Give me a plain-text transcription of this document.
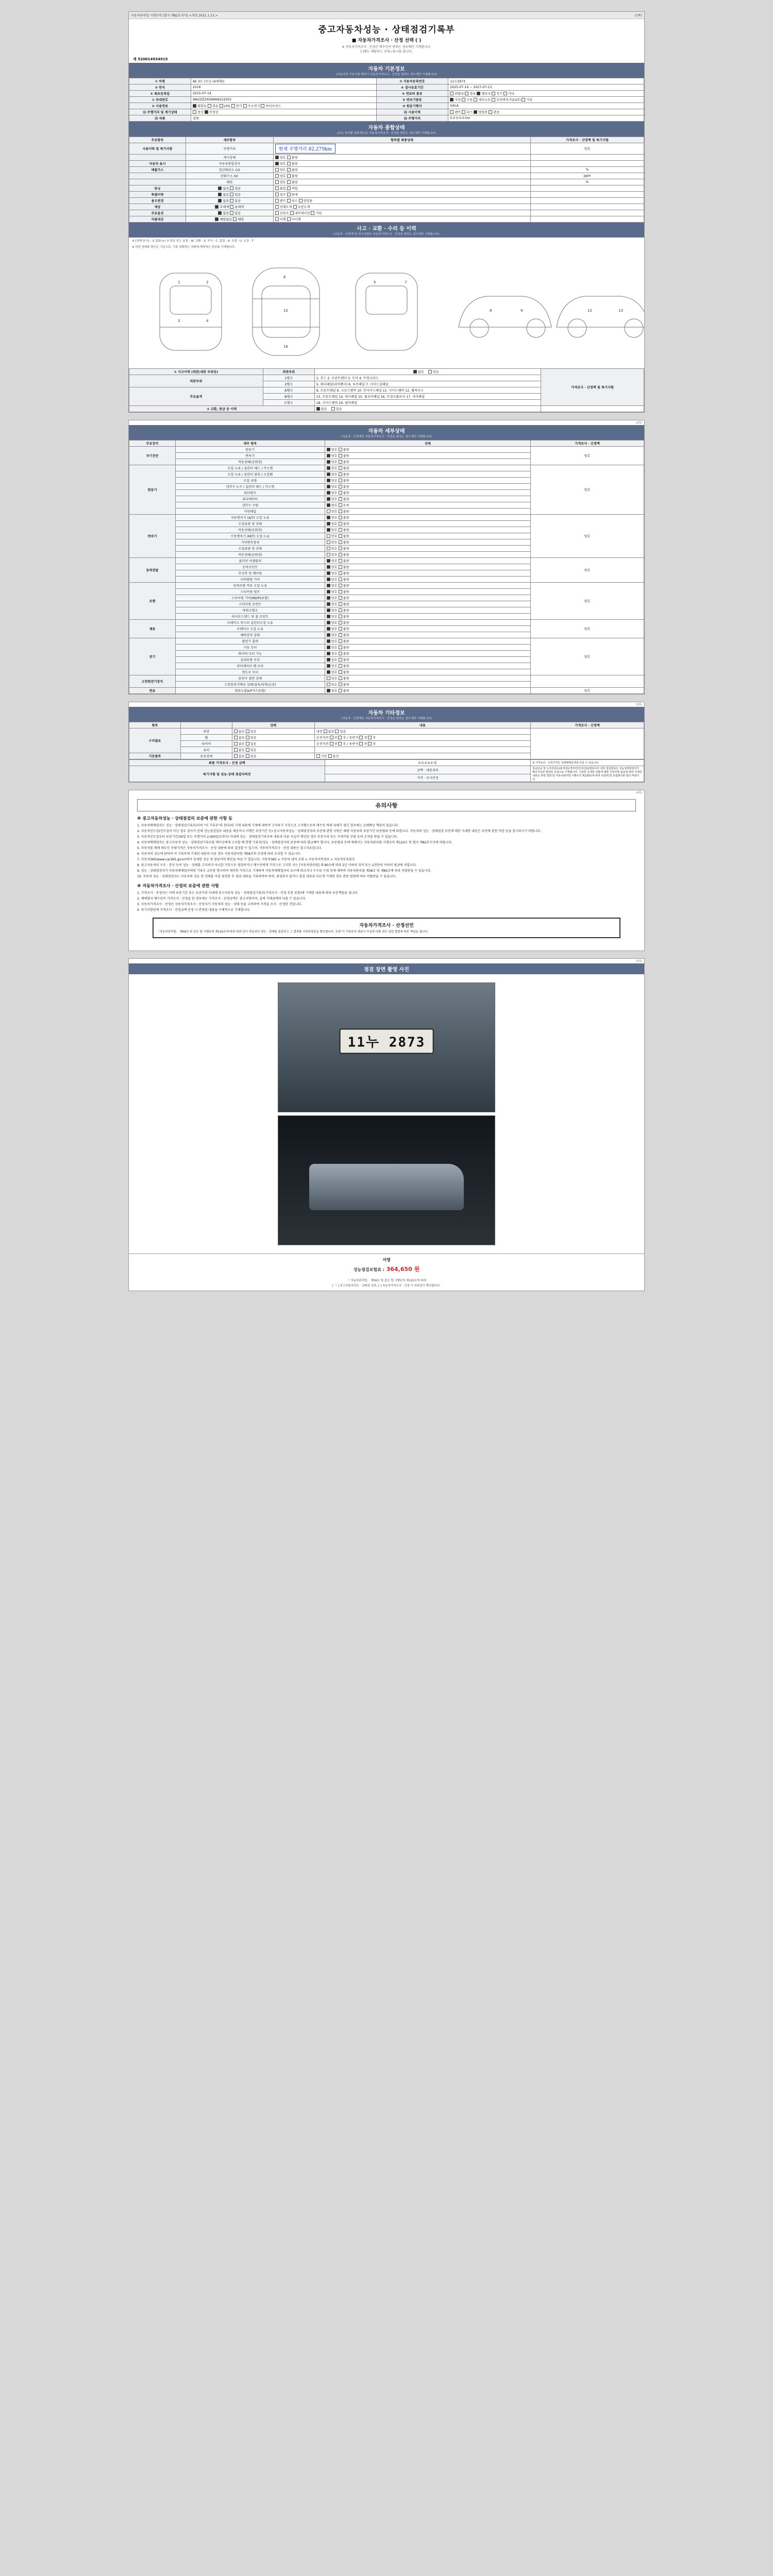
자동차관리법 시행규칙 [별지 제82호서식] <개정 2021.1.13.>	(1쪽)
중고자동차성능 · 상태점검기록부
■ 자동차가격조사 · 산정 선택 ( )
※ 자동차가격조사 · 산정은 매수인이 원하는 경우에만 기재합니다.
[ ]에는 해당되는 곳에 √표시를 합니다.
제 520014934915
자동차 기본정보
(자동차의 기본사항 확인이 자동차가격조사 · 산정을 원하는 경우에만 기재합니다)
① 차명	AE 3도 (모닝 (4세대))	② 자동차등록번호	11누2973
③ 연식	2016	④ 검사유효기간	2025-07-14 ~ 2027-07-13
⑤ 최초등록일	2015-07-14	⑥ 연료의 종류	휘발유 경유 엘피지 전기 기타
⑦ 차대번호	WA2ZZZ4GW6W222052	⑧ 변속기종류	자동 수동 세미오토 무단변속기(CVT) 기타
⑨ 사용연료	휘발유 경유 LPG 전기 수소전기 하이브리드	⑩ 원동기형식	G4LA
⑪ 주행거리 및 계기상태	정상 비정상	⑫ 사용이력	렌트 리스 영업용 관용
⑬ 차종	경형	⑭ 주행거리	0 0 0 0 0 km
자동차 종합상태
(주요 장치별 상태 확인은 자동차가격조사 · 산정을 원하는 경우에만 기재합니다)
주요항목	세부항목	항목별 최종상태	가격조사 · 산정액 및 특기사항
사용이력 및 특기사항	주행거리	현재 주행거리 82,279km	양호
	계기상태	양호 불량	
자동차 표시	자동차종합검사	양호 불량	
배출가스	일산화탄소 CO	양호 불량	%
	탄화수소 HC	양호 불량	ppm
	매연	양호 불량	%
튜닝	없음 있음	불법 적법	
특별이력	없음 있음	침수 화재	
용도변경	없음 있음	렌트 리스 영업용	
색상	무채색 유채색	전체도색 부분도색	
주요옵션	없음 있음	선루프 내비게이션 기타	
리콜대상	해당없음 해당	이행 미이행	
사고 · 교환 · 수리 등 이력
(자동차 · 산정액 및 특기사항은 자동차가격조사 · 산정을 원하는 경우에만 기재합니다)
※ [상태 표시] : ① 없음(×) ② 판금 또는 용접 : W, 교환 : X, 부식 : C, 흠집 : A, 요철 : U, 손상 : T
※ 하단 상태표 확인은 기준으로, 기록 정확하는 상태에 해당하는 번호를 기재합니다.
1	2
3	4
6
10
16
5	7
8	9	12	13
① 사고이력 (외판/내판 부위등)	외판부위	없음 있음	가격조사 · 산정액 및 특기사항
외판부위	1랭크	1. 후드 2. 프론트펜더 3. 도어 4. 트렁크리드	
	2랭크	5. 쿼터패널(리어펜더) 6. 루프패널 7. 사이드실패널	
주요골격	A랭크	8. 프론트패널 9. 크로스맴버 10. 인사이드패널 11. 사이드멤버 12. 휠하우스	
	B랭크	13. 프론트패널 14. 대시패널 15. 플로어패널 16. 트렁크플로어 17. 리어패널	
	C랭크	18. 사이드멤버 19. 필러패널	
② 교환, 판금 등 이력		없음 있음	
(2쪽)
자동차 세부상태
(자동차 · 산정액은 자동차가격조사 · 산정을 원하는 경우에만 기재합니다)
주요장치	세부 항목	상태	가격조사 · 산정액
자기진단	원동기	양호 불량	양호
	변속기	양호 불량	
	작동상태(공회전)	양호 불량	
원동기	오일 누유 / 실린더 헤드 / 가스켓	양호 불량	양호
	오일 누유 / 실린더 블록 / 오일팬	양호 불량	
	오일 유량	양호 불량	
	냉각수 누수 / 실린더 헤드 / 가스켓	양호 불량	
	워터펌프	양호 불량	
	라디에이터	양호 불량	
	냉각수 수량	양호 부족	
	커먼레일	양호 불량	
변속기	자동변속기 (A/T) 오일 누유	양호 불량	양호
	오일유량 및 상태	양호 불량	
	작동상태(공회전)	양호 불량	
	수동변속기 (M/T) 오일 누유	양호 불량	
	기어변속장치	양호 불량	
	오일유량 및 상태	양호 불량	
	작동상태(공회전)	양호 불량	
동력전달	클러치 어셈블리	양호 불량	양호
	등속조인트	양호 불량	
	추진축 및 베어링	양호 불량	
	디퍼렌셜 기어	양호 불량	
조향	동력조향 작동 오일 누유	양호 불량	양호
	스티어링 펌프	양호 불량	
	스티어링 기어(MDPS포함)	양호 불량	
	스티어링 조인트	양호 불량	
	파워크랭크	양호 불량	
	타이로드엔드 및 볼 조인트	양호 불량	
제동	브레이크 마스터 실린더오일 누유	양호 불량	양호
	브레이크 오일 누유	양호 불량	
	배력장치 상태	양호 불량	
전기	발전기 출력	양호 불량	양호
	시동 모터	양호 불량	
	와이퍼 모터 기능	양호 불량	
	실내송풍 모터	양호 불량	
	라디에이터 팬 모터	양호 불량	
	윈도우 모터	양호 불량	
고전원전기장치	충전구 절연 상태	양호 불량	
	고전원전기배선 상태(접속/피복/손상)	양호 불량	
연료	연료누출(LP가스포함)	양호 불량	양호
(3쪽)
자동차 기타정보
(자동차 · 산정액은 자동차가격조사 · 산정을 원하는 경우에만 기재합니다)
항목		상태	내용	가격조사 · 산정액
수리필요	외장	없음 있음	내장 없음 있음	
	휠	없음 있음	운전석전 전 후 / 동반석 전 후	
	타이어	없음 있음	운전석전 전 후 / 동반석 전 후	
	유리	없음 있음		
기본품목	보유상태	없음 있음	기본 옵션	
최종 가격조사 · 산정 금액	0 0 0 0 0 원	※ 가격조사 · 산정가격은 실제매매금액과 다를 수 있습니다.
특기사항 및 성능·상태 점검자의견	금액 · 내용권리	단순단순 및 도장부위도(표적대도장부터[자외선]보험회사의 내외 점검항목은 성능상태점검자가 확인가능한 범위를 중심으로 기재합니다. 기술한 중대한 결함에 대한 지원사항 없음에 대한 자세한 내용은 관련 법령 및 자동차관리법 시행규칙 제120조에 따라 보험에 및 보험회사와 협의 바랍니다.
	가격 · 조사산정	
(4쪽)
유의사항
※ 중고자동차성능 · 상태점검의 보증에 관한 사항 등

1. 자동차매매업자는 성능 · 상태점검기록부(이하 "이 기록부"라 한다)의 기재 내용에 기재에 대하여 고지하기 거짓으로 고지했으로써 매수인 에게 피해가 생긴 경우에는 손해배상 책임이 있습니다.

2. 자동차인도일(인도일이 아닌 경우 검사가 언제 성능점검일로 내용을 제공이나 이행은 보장기간 등) 중고자동차성능 · 상태점검자의 보증에 관한 사항은 해당 자동차의 보증기간 보증범위 등에 따릅니다. 자동차의 성능 · 상태점검 보증에 대한 자세한 내용은 보증에 관한 약관 등을 참고하시기 바랍니다.

3. 자동차인도일부터 보증기간(30일 또는 주행거리 2,000킬로미터) 이내에 성능 · 상태점검기록부의 내용과 다른 사실이 확인된 경우 보증수리 또는 수리비용 부담 등의 조치를 받을 수 있습니다.

4. 자동차매매업자는 중고자동차 성능 · 상태점검기록부를 매수인에게 고지할 때 현행 기록부(성능 · 상태점검자의 보증에 따라 발급해야 합니다. 보증범위 등에 대해서는 자동차관리법 시행규칙 제120조 및 별지 제82호서식에 따릅니다.

5. 자동차를 매매 매도인 차량가격은 자동차가격조사 · 산정 내용에 따라 결정할 수 있으며, 자동차가격조사 · 산정 내용은 참고자료입니다.

6. 자동차의 성능에 관하여 이 기록부에 기재된 내용과 다른 경우 자동차관리법 제58조의 규정에 따라 조치할 수 있습니다.

7. 자동차365(www.car365.go.kr)에서 상세한 성능 및 압류이력 확인을 하실 수 있습니다. 자동차365 > 자동차 내역 조회 > 자동차이력정보 > 자동차등록원부

8. 중고자동차의 구조 · 장치 등의 성능 · 상태를 고지하지 아니한 거짓으로 점검하거나 매수인에게 거짓으로 고지한 자는 [자동차관리법] 제 80조에 따라 2년 이하의 징역 또는 2천만원 이하의 벌금에 처합니다.

9. 성능 · 상태점검자가 자동차매매업자에게 기록부 교부를 명시하여 제작한 거짓으로 기재하여 자동차매매업자의 요구에 따르거나 수수료 수취 등에 대하여 자동차관리법 제58조 및 제80조에 따라 처벌받을 수 있습니다.

10. 자동차 성능 · 상태점검자는 자동차의 성능 및 상태를 직접 점검한 후 점검 내용을 기록하여야 하며, 점검하지 않거나 점검 내용과 다르게 기재한 경우 관련 법령에 따라 처벌받을 수 있습니다.

※ 자동차가격조사 · 산정의 보증에 관한 사항

1. 가격조사 · 산정자는 이에 보증기간 또는 보증거리 이내에 중고자동차 성능 · 상태점검기록부(가격조사 · 산정 부분 포함)에 기재한 내용에 따라 보증책임을 집니다.

2. 매매업자 매수인이 가격조사 · 산정을 한 경우에는 가격조사 · 산정금액은 참고사항이며, 실제 거래금액과 다를 수 있습니다.

3. 자동차가격조사 · 산정은 자동차가격조사 · 산정자가 자동차의 성능 · 상태 등을 고려하여 가격을 조사 · 산정한 것입니다.

4. 특기사항란에 가격조사 · 산정금액 산정 시 반영된 내용을 구체적으로 기재합니다.

자동차가격조사 · 산정선언
「자동차관리법」 제58조 및 같은 법 시행규칙 제120조에 따라 위와 같이 자동차의 성능 · 상태를 점검하고 그 결과를 기록하였음을 확인합니다. 또한 이 기록부의 내용이 사실과 다를 경우 관련 법령에 따른 책임을 집니다.
(5쪽)
점검 장면 촬영 사진
11누 2873
서명
성능점검보험료 : 364,650 원
「 자동차관리법」 제58조 및 같은 법 시행규칙 제120조에 따라
[ ㄱ ] 중고자동차성능 · 상태점 검표, [ ] 자동차가격조사 · 산정 기 위와같이 확인합니다.
